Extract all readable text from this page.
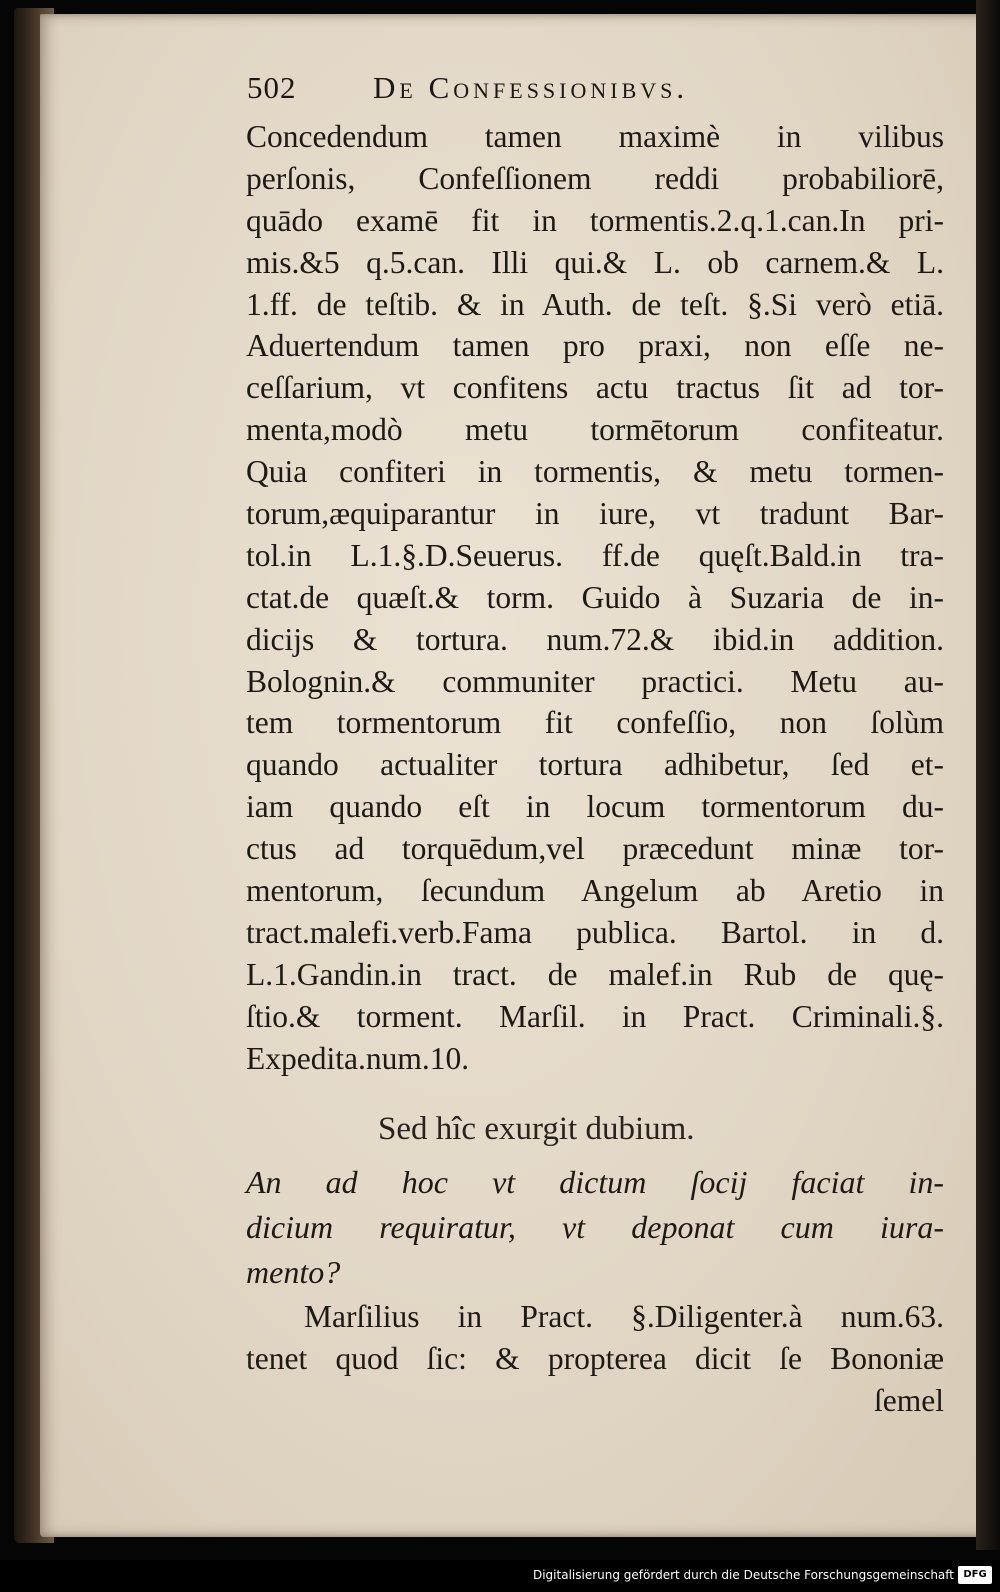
502 De Confessionibvs.
Concedendum tamen maximè in vilibus
perſonis, Confeſſionem reddi probabiliorē,
quādo examē fit in tormentis.2.q.1.can.In pri-
mis.&5 q.5.can. Illi qui.& L. ob carnem.& L.
1.ff. de teſtib. & in Auth. de teſt. §.Si verò etiā.
Aduertendum tamen pro praxi, non eſſe ne-
ceſſarium, vt confitens actu tractus ſit ad tor-
menta,modò metu tormētorum confiteatur.
Quia confiteri in tormentis, & metu tormen-
torum,æquiparantur in iure, vt tradunt Bar-
tol.in L.1.§.D.Seuerus. ff.de quęſt.Bald.in tra-
ctat.de quæſt.& torm. Guido à Suzaria de in-
dicijs & tortura. num.72.& ibid.in addition.
Bolognin.& communiter practici. Metu au-
tem tormentorum fit confeſſio, non ſolùm
quando actualiter tortura adhibetur, ſed et-
iam quando eſt in locum tormentorum du-
ctus ad torquēdum,vel præcedunt minæ tor-
mentorum, ſecundum Angelum ab Aretio in
tract.malefi.verb.Fama publica. Bartol. in d.
L.1.Gandin.in tract. de malef.in Rub de quę-
ſtio.& torment. Marſil. in Pract. Criminali.§.
Expedita.num.10.
Sed hîc exurgit dubium.
An ad hoc vt dictum ſocij faciat in-
dicium requiratur, vt deponat cum iura-
mento?
Marſilius in Pract. §.Diligenter.à num.63.
tenet quod ſic: & propterea dicit ſe Bononiæ
ſemel
Digitalisierung gefördert durch die Deutsche Forschungsgemeinschaft DFG
